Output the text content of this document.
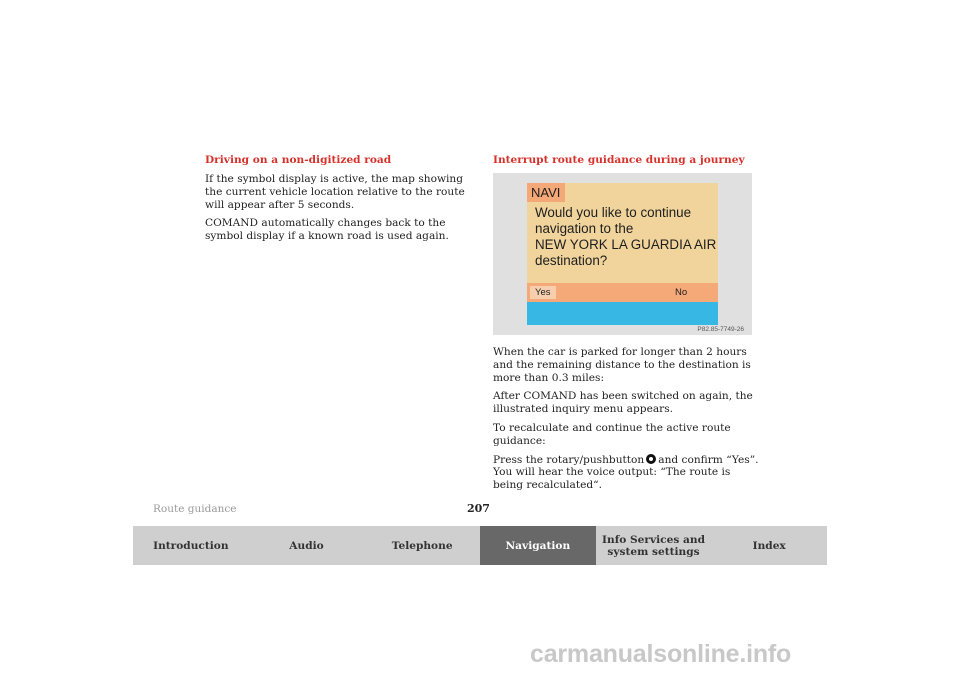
Driving on a non-digitized road

If the symbol display is active, the map showing the current vehicle location relative to the route will appear after 5 seconds.

COMAND automatically changes back to the symbol display if a known road is used again.

Interrupt route guidance during a journey
NAVI
Would you like to continue
navigation to the
NEW YORK LA GUARDIA AIR
destination?
Yes	No
P82.85-7749-26

When the car is parked for longer than 2 hours and the remaining distance to the destination is more than 0.3 miles:

After COMAND has been switched on again, the illustrated inquiry menu appears.

To recalculate and continue the active route guidance:

Press the rotary/pushbutton and confirm “Yes”.

You will hear the voice output: “The route is being recalculated“.

Route guidance	207
Introduction	Audio	Telephone	Navigation	Info Services and
system settings	Index
carmanualsonline.info
